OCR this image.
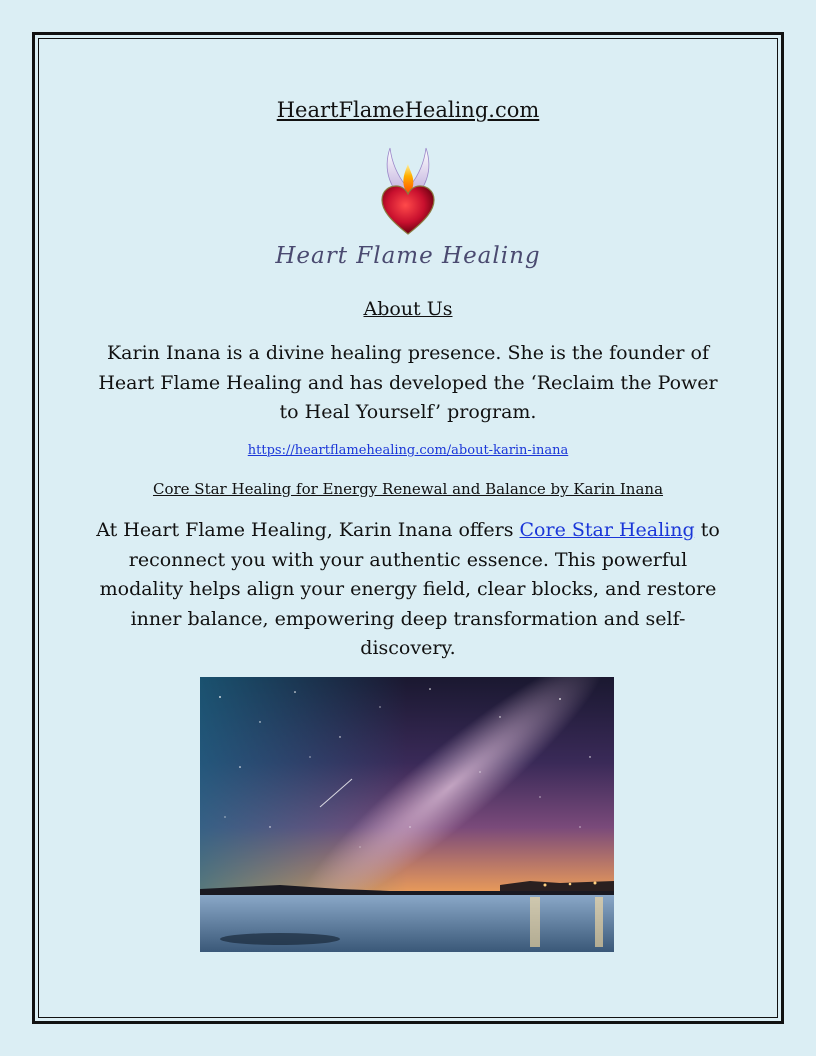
HeartFlameHealing.com
Heart Flame Healing
About Us
Karin Inana is a divine healing presence. She is the founder of Heart Flame Healing and has developed the ‘Reclaim the Power to Heal Yourself’ program.
https://heartflamehealing.com/about-karin-inana
Core Star Healing for Energy Renewal and Balance by Karin Inana
At Heart Flame Healing, Karin Inana offers Core Star Healing to reconnect you with your authentic essence. This powerful modality helps align your energy field, clear blocks, and restore inner balance, empowering deep transformation and self-discovery.
